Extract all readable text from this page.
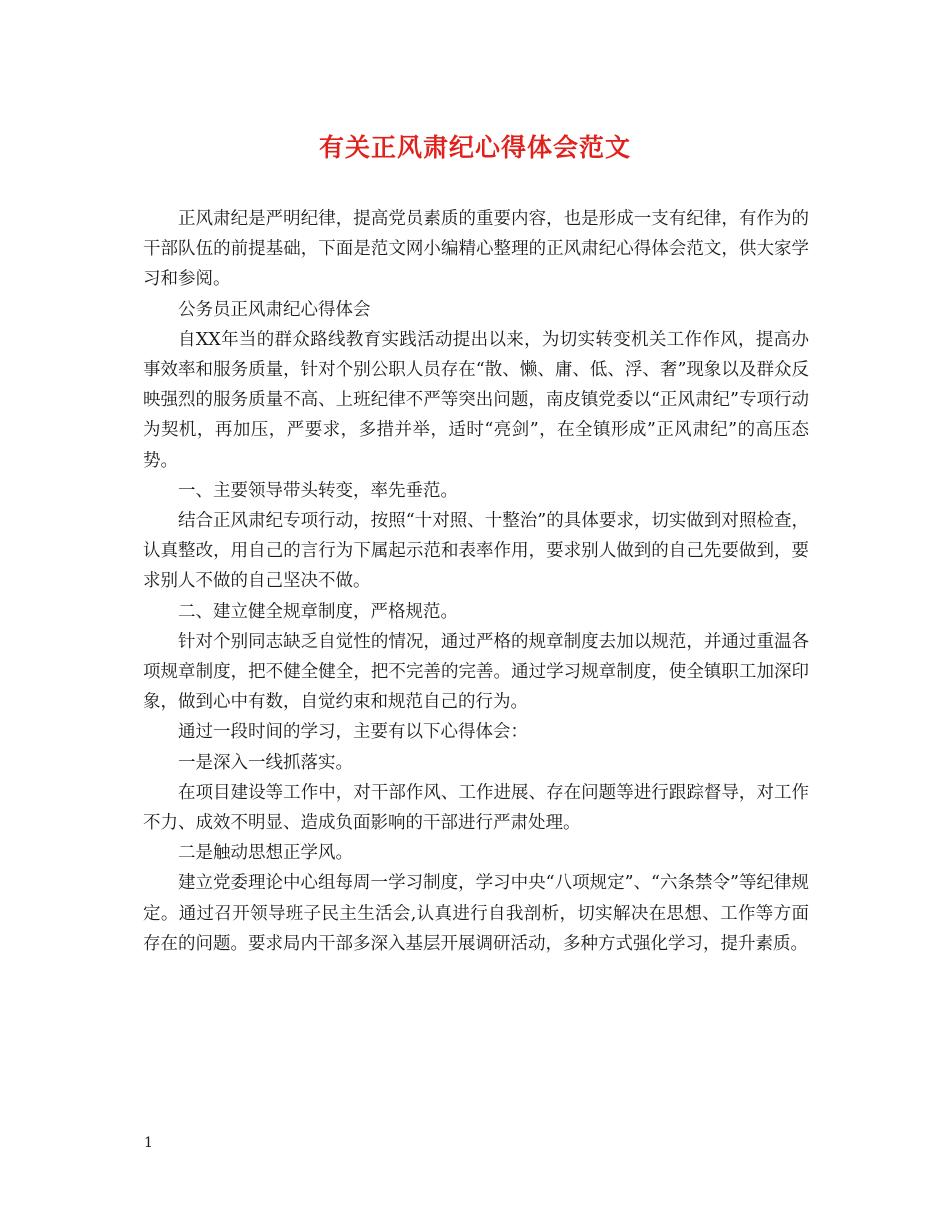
有关正风肃纪心得体会范文

正风肃纪是严明纪律，提高党员素质的重要内容，也是形成一支有纪律，有作为的干部队伍的前提基础，下面是范文网小编精心整理的正风肃纪心得体会范文，供大家学习和参阅。

公务员正风肃纪心得体会

自XX年当的群众路线教育实践活动提出以来，为切实转变机关工作作风，提高办事效率和服务质量，针对个别公职人员存在“散、懒、庸、低、浮、奢”现象以及群众反映强烈的服务质量不高、上班纪律不严等突出问题，南皮镇党委以“正风肃纪”专项行动为契机，再加压，严要求，多措并举，适时“亮剑”，在全镇形成”正风肃纪”的高压态势。

一、主要领导带头转变，率先垂范。

结合正风肃纪专项行动，按照“十对照、十整治”的具体要求，切实做到对照检查，认真整改，用自己的言行为下属起示范和表率作用，要求别人做到的自己先要做到，要求别人不做的自己坚决不做。

二、建立健全规章制度，严格规范。

针对个别同志缺乏自觉性的情况，通过严格的规章制度去加以规范，并通过重温各项规章制度，把不健全健全，把不完善的完善。通过学习规章制度，使全镇职工加深印象，做到心中有数，自觉约束和规范自己的行为。

通过一段时间的学习，主要有以下心得体会：

一是深入一线抓落实。

在项目建设等工作中，对干部作风、工作进展、存在问题等进行跟踪督导，对工作不力、成效不明显、造成负面影响的干部进行严肃处理。

二是触动思想正学风。

建立党委理论中心组每周一学习制度，学习中央“八项规定”、“六条禁令”等纪律规定。通过召开领导班子民主生活会,认真进行自我剖析，切实解决在思想、工作等方面存在的问题。要求局内干部多深入基层开展调研活动，多种方式强化学习，提升素质。

1
